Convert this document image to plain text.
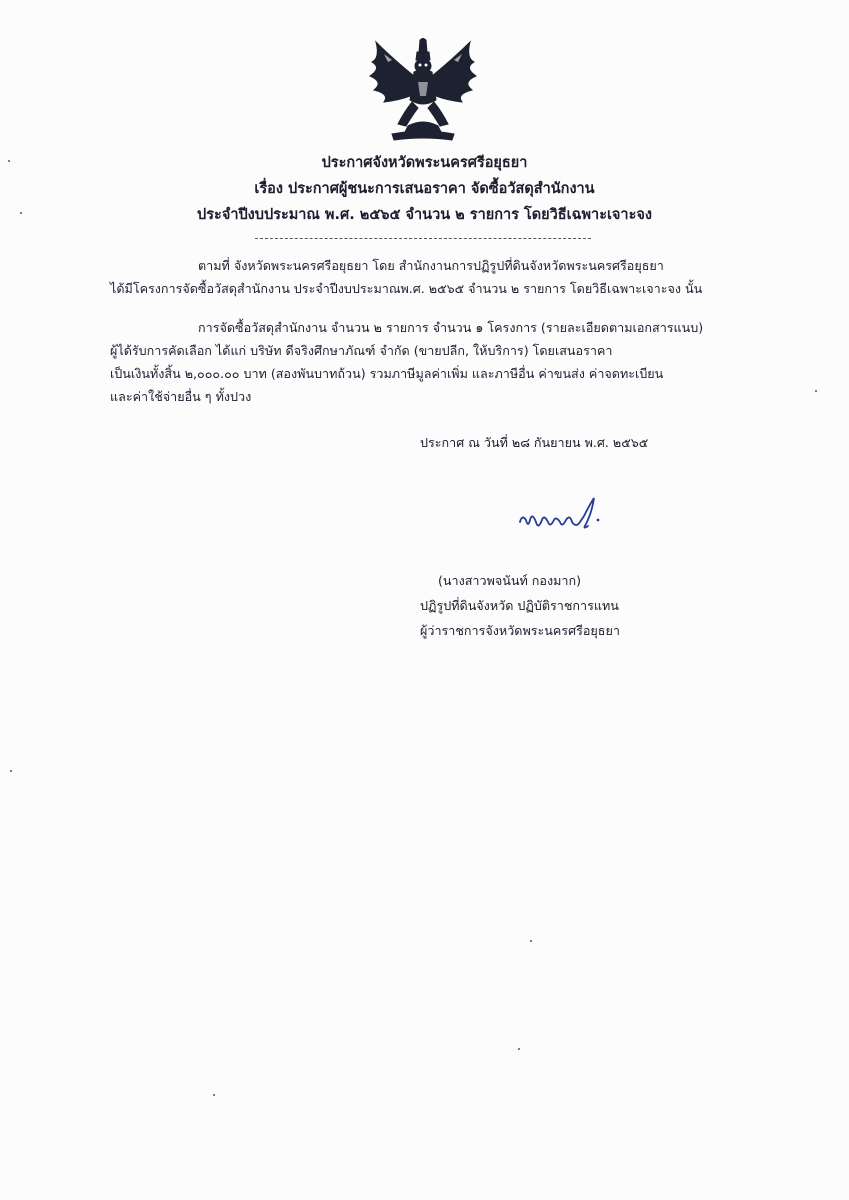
ประกาศจังหวัดพระนครศรีอยุธยา
เรื่อง ประกาศผู้ชนะการเสนอราคา จัดซื้อวัสดุสำนักงาน
ประจำปีงบประมาณ พ.ศ. ๒๕๖๕ จำนวน ๒ รายการ โดยวิธีเฉพาะเจาะจง
ตามที่ จังหวัดพระนครศรีอยุธยา โดย สำนักงานการปฏิรูปที่ดินจังหวัดพระนครศรีอยุธยา
ได้มีโครงการจัดซื้อวัสดุสำนักงาน ประจำปีงบประมาณพ.ศ. ๒๕๖๕ จำนวน ๒ รายการ โดยวิธีเฉพาะเจาะจง นั้น
การจัดซื้อวัสดุสำนักงาน จำนวน ๒ รายการ จำนวน ๑ โครงการ (รายละเอียดตามเอกสารแนบ)
ผู้ได้รับการคัดเลือก ได้แก่ บริษัท ดีจริงศึกษาภัณฑ์ จำกัด (ขายปลีก, ให้บริการ) โดยเสนอราคา
เป็นเงินทั้งสิ้น ๒,๐๐๐.๐๐ บาท (สองพันบาทถ้วน) รวมภาษีมูลค่าเพิ่ม และภาษีอื่น ค่าขนส่ง ค่าจดทะเบียน
และค่าใช้จ่ายอื่น ๆ ทั้งปวง
ประกาศ ณ วันที่ ๒๘ กันยายน พ.ศ. ๒๕๖๕
(นางสาวพจนันท์ กองมาก)
ปฏิรูปที่ดินจังหวัด ปฏิบัติราชการแทน
ผู้ว่าราชการจังหวัดพระนครศรีอยุธยา
